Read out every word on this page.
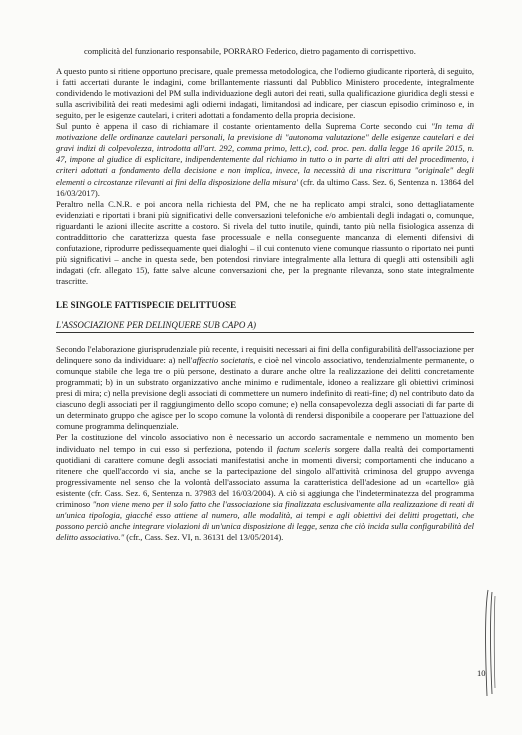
complicità del funzionario responsabile, PORRARO Federico, dietro pagamento di corrispettivo.

A questo punto si ritiene opportuno precisare, quale premessa metodologica, che l'odierno giudicante riporterà, di seguito, i fatti accertati durante le indagini, come brillantemente riassunti dal Pubblico Ministero procedente, integralmente condividendo le motivazioni del PM sulla individuazione degli autori dei reati, sulla qualificazione giuridica degli stessi e sulla ascrivibilità dei reati medesimi agli odierni indagati, limitandosi ad indicare, per ciascun episodio criminoso e, in seguito, per le esigenze cautelari, i criteri adottati a fondamento della propria decisione.

Sul punto è appena il caso di richiamare il costante orientamento della Suprema Corte secondo cui "In tema di motivazione delle ordinanze cautelari personali, la previsione di "autonoma valutazione" delle esigenze cautelari e dei gravi indizi di colpevolezza, introdotta all'art. 292, comma primo, lett.c), cod. proc. pen. dalla legge 16 aprile 2015, n. 47, impone al giudice di esplicitare, indipendentemente dal richiamo in tutto o in parte di altri atti del procedimento, i criteri adottati a fondamento della decisione e non implica, invece, la necessità di una riscrittura "originale" degli elementi o circostanze rilevanti ai fini della disposizione della misura' (cfr. da ultimo Cass. Sez. 6, Sentenza n. 13864 del 16/03/2017).

Peraltro nella C.N.R. e poi ancora nella richiesta del PM, che ne ha replicato ampi stralci, sono dettagliatamente evidenziati e riportati i brani più significativi delle conversazioni telefoniche e/o ambientali degli indagati o, comunque, riguardanti le azioni illecite ascritte a costoro. Si rivela del tutto inutile, quindi, tanto più nella fisiologica assenza di contraddittorio che caratterizza questa fase processuale e nella conseguente mancanza di elementi difensivi di confutazione, riprodurre pedissequamente quei dialoghi – il cui contenuto viene comunque riassunto o riportato nei punti più significativi – anche in questa sede, ben potendosi rinviare integralmente alla lettura di quegli atti ostensibili agli indagati (cfr. allegato 15), fatte salve alcune conversazioni che, per la pregnante rilevanza, sono state integralmente trascritte.

LE SINGOLE FATTISPECIE DELITTUOSE

L'ASSOCIAZIONE PER DELINQUERE SUB CAPO A)

Secondo l'elaborazione giurisprudenziale più recente, i requisiti necessari ai fini della configurabilità dell'associazione per delinquere sono da individuare: a) nell'affectio societatis, e cioè nel vincolo associativo, tendenzialmente permanente, o comunque stabile che lega tre o più persone, destinato a durare anche oltre la realizzazione dei delitti concretamente programmati; b) in un substrato organizzativo anche minimo e rudimentale, idoneo a realizzare gli obiettivi criminosi presi di mira; c) nella previsione degli associati di commettere un numero indefinito di reati-fine; d) nel contributo dato da ciascuno degli associati per il raggiungimento dello scopo comune; e) nella consapevolezza degli associati di far parte di un determinato gruppo che agisce per lo scopo comune la volontà di rendersi disponibile a cooperare per l'attuazione del comune programma delinquenziale.

Per la costituzione del vincolo associativo non è necessario un accordo sacramentale e nemmeno un momento ben individuato nel tempo in cui esso si perfeziona, potendo il factum sceleris sorgere dalla realtà dei comportamenti quotidiani di carattere comune degli associati manifestatisi anche in momenti diversi; comportamenti che inducano a ritenere che quell'accordo vi sia, anche se la partecipazione del singolo all'attività criminosa del gruppo avvenga progressivamente nel senso che la volontà dell'associato assuma la caratteristica dell'adesione ad un «cartello» già esistente (cfr. Cass. Sez. 6, Sentenza n. 37983 del 16/03/2004). A ciò si aggiunga che l'indeterminatezza del programma criminoso "non viene meno per il solo fatto che l'associazione sia finalizzata esclusivamente alla realizzazione di reati di un'unica tipologia, giacché esso attiene al numero, alle modalità, ai tempi e agli obiettivi dei delitti progettati, che possono perciò anche integrare violazioni di un'unica disposizione di legge, senza che ciò incida sulla configurabilità del delitto associativo." (cfr., Cass. Sez. VI, n. 36131 del 13/05/2014).

10
